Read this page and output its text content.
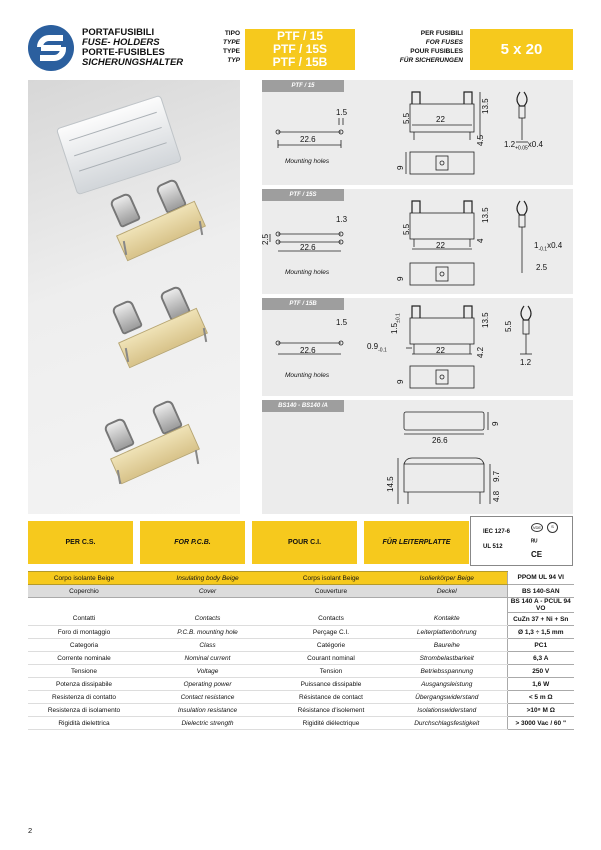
PORTAFUSIBILI
FUSE- HOLDERS
PORTE-FUSIBLES
SICHERUNGSHALTER
TIPO
TYPE
TYPE
TYP
PTF / 15
PTF / 15S
PTF / 15B
PER FUSIBILI
FOR FUSES
POUR FUSIBLES
FÜR SICHERUNGEN
5 x 20
PTF / 15
1.5
22.6
Mounting holes
5.5	22
13.5
4.5
9
$1.2_{+0.05}x0.4$
PTF / 15S
1.3
2.5
22.6
Mounting holes
5.5
22
13.5
4
9
$1_{-0.1}x0.4$
2.5
PTF / 15B
1.5
22.6
Mounting holes
$1.5_{\pm 0.1}$
$0.9_{-0.1}$	22
13.5
4.2
9
5.5
1.2
BS140 - BS140 /A
9
26.6
14.5	9.7
4.8
PER C.S.	FOR P.C.B.	POUR C.I.	FÜR LEITERPLATTE
IEC 127-6
UL 512
VDE	S
ᴿᵁ
CE
Corpo isolante Beige	Insulating body Beige	Corps isolant Beige	Isolierkörper Beige	PPOM UL 94 VI
Coperchio	Cover	Couverture	Deckel	BS 140-SAN
				BS 140 A - PCUL 94 VO
Contatti	Contacts	Contacts	Kontakte	CuZn 37 + Ni + Sn
Foro di montaggio	P.C.B. mounting hole	Perçage C.I.	Leiterplattenbohrung	Ø 1,3 ÷ 1,5 mm
Categoria	Class	Catégorie	Baureihe	PC1
Corrente nominale	Nominal current	Courant nominal	Strombelastbarkeit	6,3 A
Tensione	Voltage	Tension	Betriebsspannung	250 V
Potenza dissipabile	Operating power	Puissance dissipable	Ausgangsleistung	1,6 W
Resistenza di contatto	Contact resistance	Résistance de contact	Übergangswiderstand	< 5 m Ω
Resistenza di isolamento	Insulation resistance	Résistance d'isolement	Isolationswiderstand	>10⁸ M Ω
Rigidità dielettrica	Dielectric strength	Rigidité diélectrique	Durchschlagsfestigkeit	> 3000 Vac / 60 "
2
